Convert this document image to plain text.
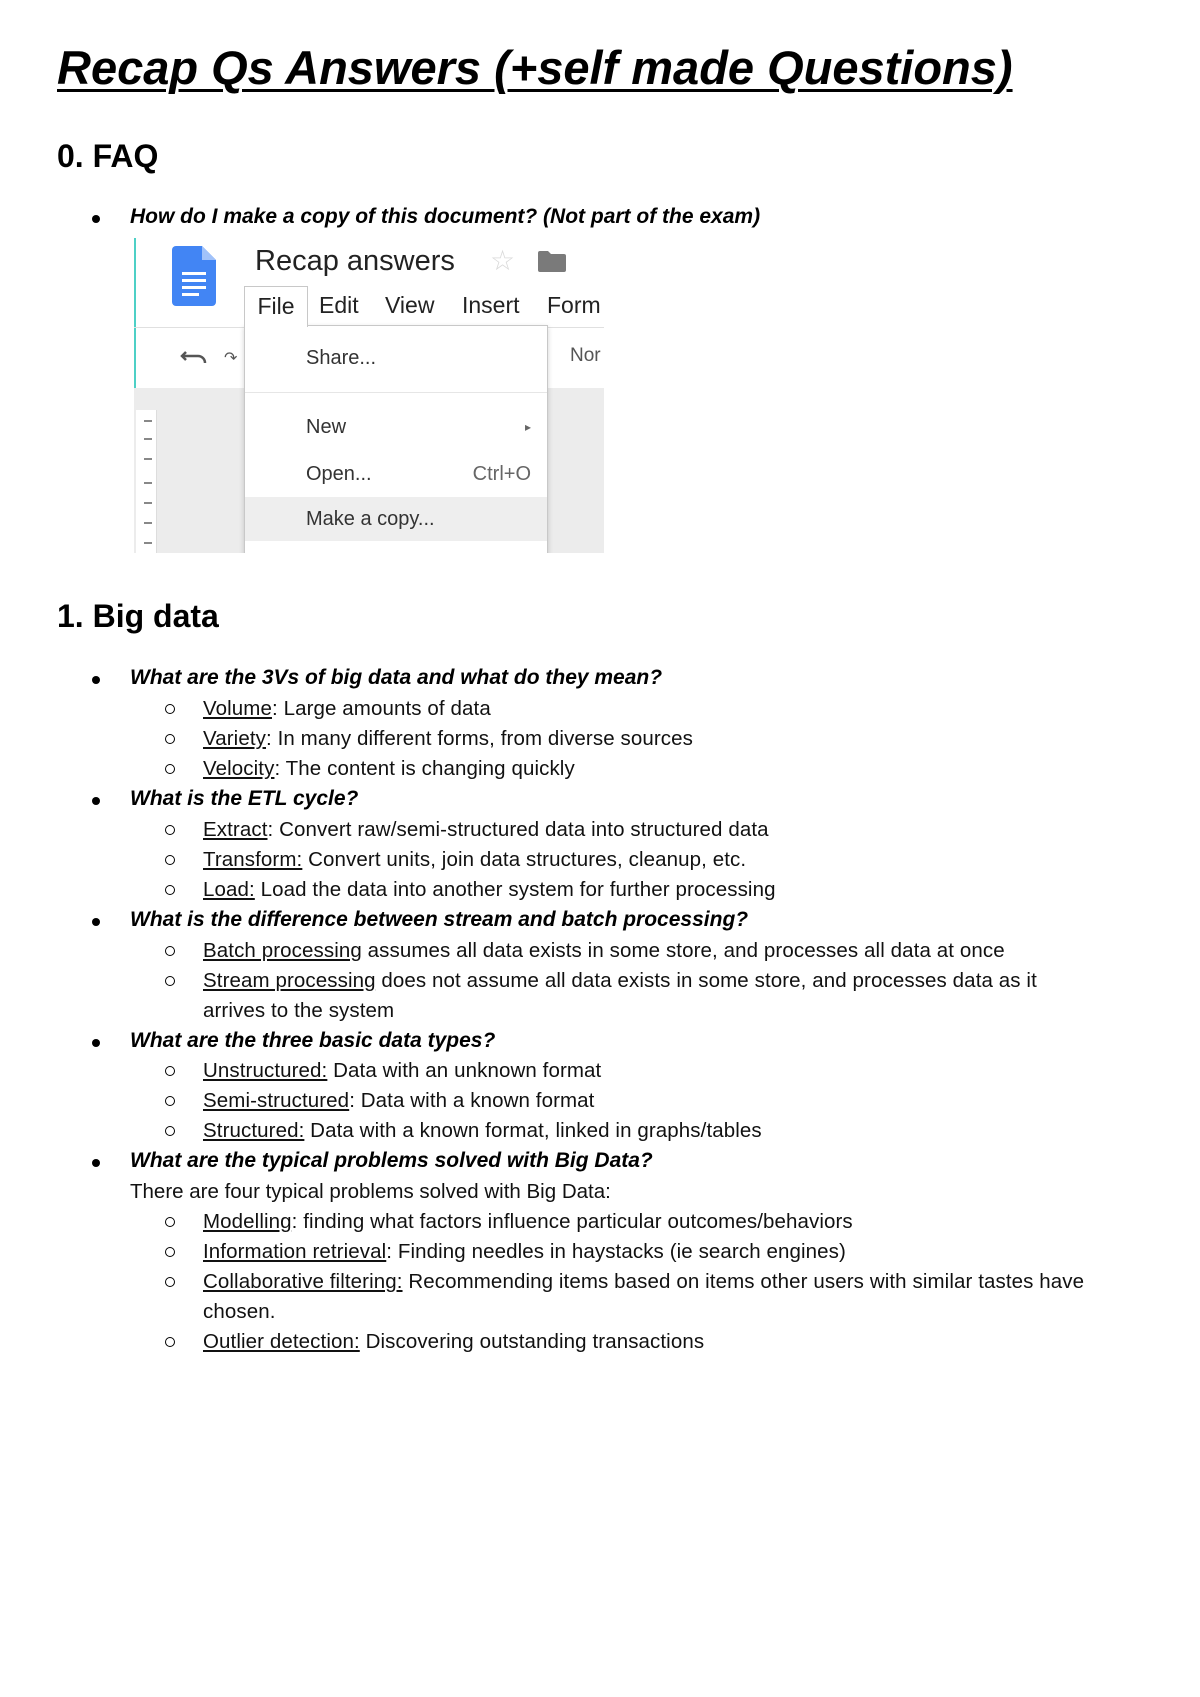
Recap Qs Answers (+self made Questions)
0. FAQ
How do I make a copy of this document? (Not part of the exam)
Recap answers ☆
File	Edit View Insert Form
↷	Nor
Share...
New	▸
Open...	Ctrl+O
Make a copy...
1. Big data
What are the 3Vs of big data and what do they mean?
Volume: Large amounts of data
Variety: In many different forms, from diverse sources
Velocity: The content is changing quickly
What is the ETL cycle?
Extract: Convert raw/semi-structured data into structured data
Transform: Convert units, join data structures, cleanup, etc.
Load: Load the data into another system for further processing
What is the difference between stream and batch processing?
Batch processing assumes all data exists in some store, and processes all data at once
Stream processing does not assume all data exists in some store, and processes data as it
arrives to the system
What are the three basic data types?
Unstructured: Data with an unknown format
Semi-structured: Data with a known format
Structured: Data with a known format, linked in graphs/tables
What are the typical problems solved with Big Data?
There are four typical problems solved with Big Data:
Modelling: finding what factors influence particular outcomes/behaviors
Information retrieval: Finding needles in haystacks (ie search engines)
Collaborative filtering: Recommending items based on items other users with similar tastes have
chosen.
Outlier detection: Discovering outstanding transactions
